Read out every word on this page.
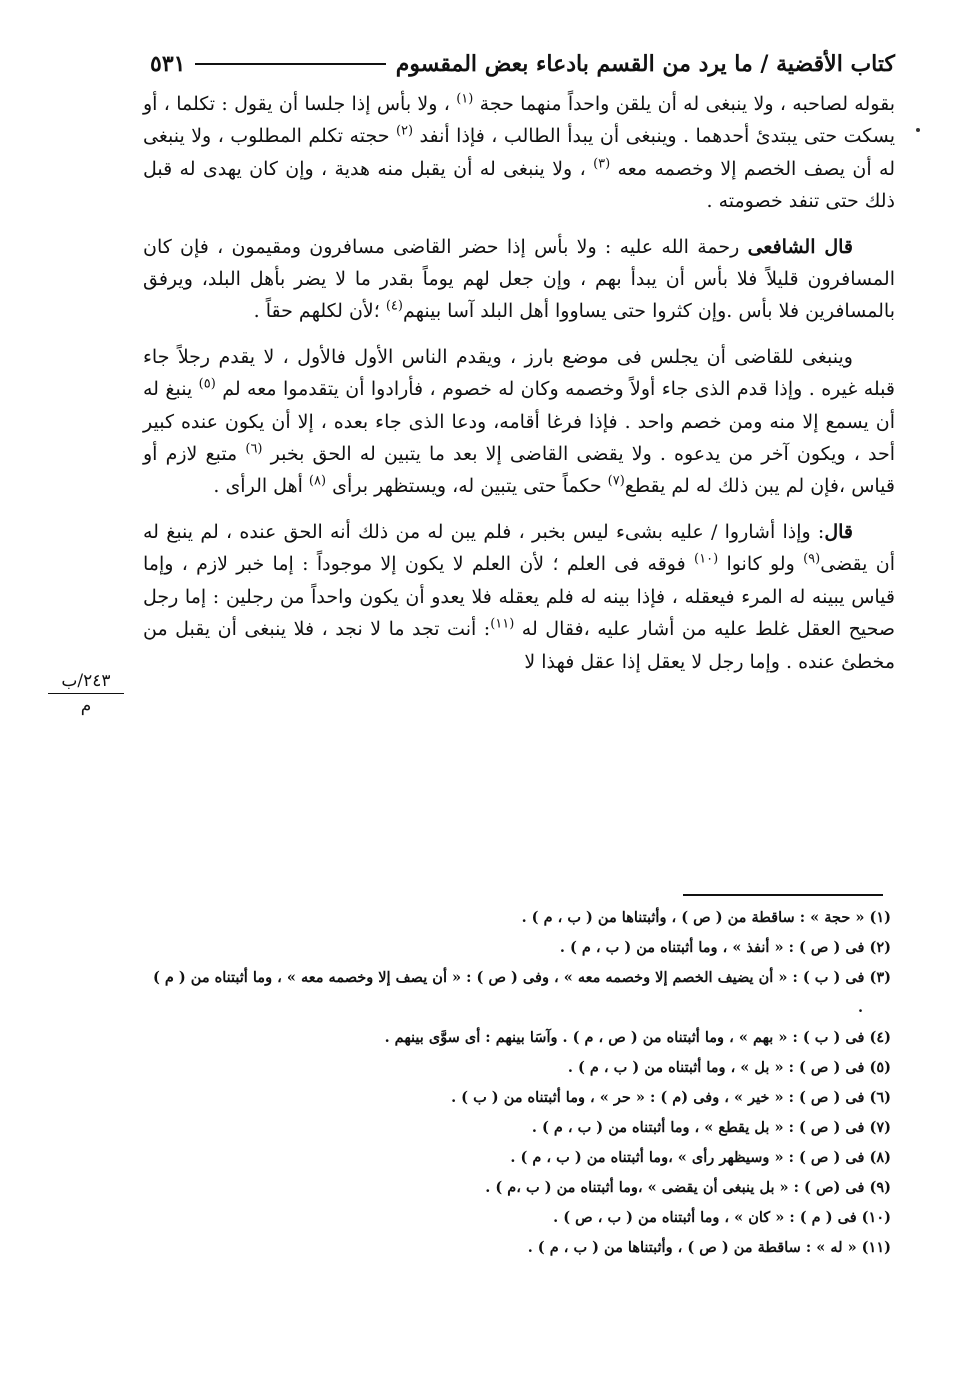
كتاب الأقضية / ما يرد من القسم بادعاء بعض المقسوم
٥٣١

بقوله لصاحبه ، ولا ينبغى له أن يلقن واحداً منهما حجة $^{(١)}$ ، ولا بأس إذا جلسا أن يقول : تكلما ، أو يسكت حتى يبتدئ أحدهما . وينبغى أن يبدأ الطالب ، فإذا أنفد $^{(٢)}$ حجته تكلم المطلوب ، ولا ينبغى له أن يصف الخصم إلا وخصمه معه $^{(٣)}$ ، ولا ينبغى له أن يقبل منه هدية ، وإن كان يهدى له قبل ذلك حتى تنفد خصومته .

قال الشافعى رحمة الله عليه : ولا بأس إذا حضر القاضى مسافرون ومقيمون ، فإن كان المسافرون قليلاً فلا بأس أن يبدأ بهم ، وإن جعل لهم يوماً بقدر ما لا يضر بأهل البلد، ويرفق بالمسافرين فلا بأس .وإن كثروا حتى يساووا أهل البلد آسا بينهم$^{(٤)}$ ؛لأن لكلهم حقاً .

وينبغى للقاضى أن يجلس فى موضع بارز ، ويقدم الناس الأول فالأول ، لا يقدم رجلاً جاء قبله غيره . وإذا قدم الذى جاء أولاً وخصمه وكان له خصوم ، فأرادوا أن يتقدموا معه لم $^{(٥)}$ ينبغ له أن يسمع إلا منه ومن خصم واحد . فإذا فرغا أقامه، ودعا الذى جاء بعده ، إلا أن يكون عنده كبير أحد ، ويكون آخر من يدعوه . ولا يقضى القاضى إلا بعد ما يتبين له الحق بخبر $^{(٦)}$ متبع لازم أو قياس ،فإن لم يبن ذلك له لم يقطع$^{(٧)}$ حكماً حتى يتبين له، ويستظهر برأى $^{(٨)}$ أهل الرأى .

قال: وإذا أشاروا / عليه بشىء ليس بخبر ، فلم يبن له من ذلك أنه الحق عنده ، لم ينبغ له أن يقضى$^{(٩)}$ ولو كانوا $^{(١٠)}$ فوقه فى العلم ؛ لأن العلم لا يكون إلا موجوداً : إما خبر لازم ، وإما قياس يبينه له المرء فيعقله ، فإذا بينه له فلم يعقله فلا يعدو أن يكون واحداً من رجلين : إما رجل صحيح العقل غلط عليه من أشار عليه ،فقال له $^{(١١)}$: أنت تجد ما لا نجد ، فلا ينبغى أن يقبل من مخطئ عنده . وإما رجل لا يعقل إذا عقل فهذا لا

٢٤٣/ب
م

(١) « حجة » : ساقطة من ( ص ) ، وأثبتناها من ( ب ، م ) .

(٢) فى ( ص ) : « أنفذ » ، وما أثبتناه من ( ب ، م ) .

(٣) فى ( ب ) : « أن يضيف الخصم إلا وخصمه معه » ، وفى ( ص ) : « أن يصف إلا وخصمه معه » ، وما أثبتناه من ( م ) .

(٤) فى ( ب ) : « بهم » ، وما أثبتناه من ( ص ، م ) . وآسَا بينهم : أى سوَّى بينهم .

(٥) فى ( ص ) : « بل » ، وما أثبتناه من ( ب ، م ) .

(٦) فى ( ص ) : « خير » ، وفى (م ) : « حر » ، وما أثبتناه من ( ب ) .

(٧) فى ( ص ) : « بل يقطع » ، وما أثبتناه من ( ب ، م ) .

(٨) فى ( ص ) : « وسيظهر رأى » ،وما أثبتناه من ( ب ، م ) .

(٩) فى (ص ) : « بل ينبغى أن يقضى » ،وما أثبتناه من ( ب ،م ) .

(١٠) فى ( م ) : « كان » ، وما أثبتناه من ( ب ، ص ) .

(١١) « له » : ساقطة من ( ص ) ، وأثبتناها من ( ب ، م ) .
